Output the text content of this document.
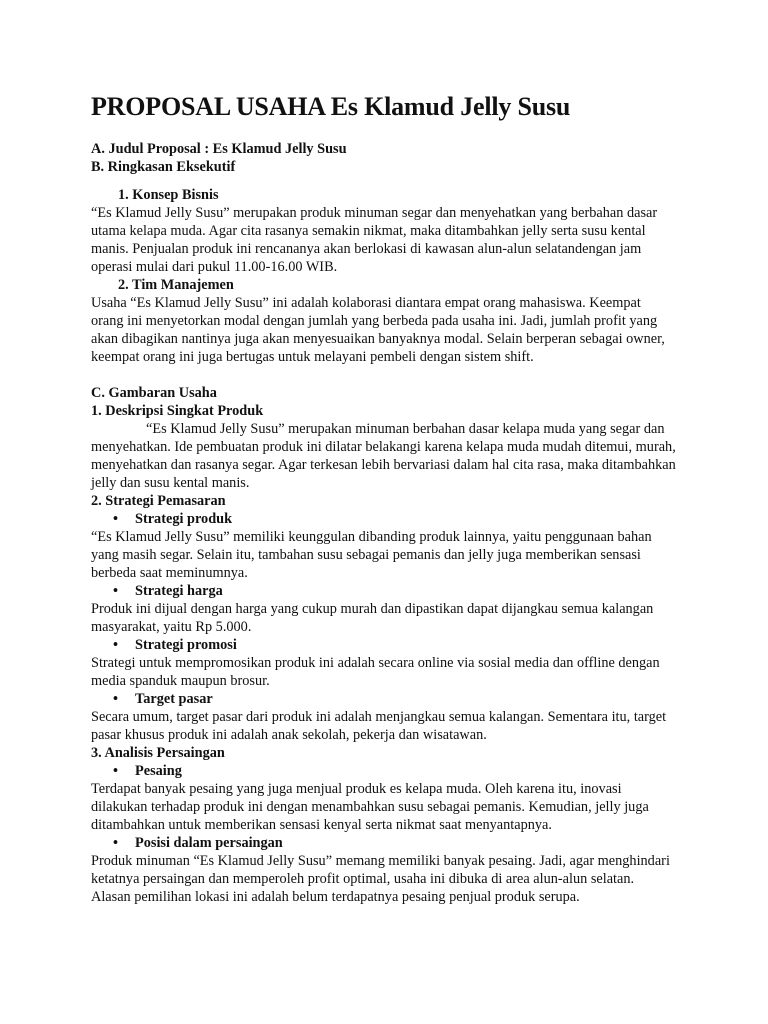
PROPOSAL USAHA Es Klamud Jelly Susu
A. Judul Proposal : Es Klamud Jelly Susu
B. Ringkasan Eksekutif
1. Konsep Bisnis

“Es Klamud Jelly Susu” merupakan produk minuman segar dan menyehatkan yang berbahan dasar utama kelapa muda. Agar cita rasanya semakin nikmat, maka ditambahkan jelly serta susu kental manis. Penjualan produk ini rencananya akan berlokasi di kawasan alun-alun selatandengan jam operasi mulai dari pukul 11.00-16.00 WIB.

2. Tim Manajemen

Usaha “Es Klamud Jelly Susu” ini adalah kolaborasi diantara empat orang mahasiswa. Keempat orang ini menyetorkan modal dengan jumlah yang berbeda pada usaha ini. Jadi, jumlah profit yang akan dibagikan nantinya juga akan menyesuaikan banyaknya modal. Selain berperan sebagai owner, keempat orang ini juga bertugas untuk melayani pembeli dengan sistem shift.

C. Gambaran Usaha
1. Deskripsi Singkat Produk

“Es Klamud Jelly Susu” merupakan minuman berbahan dasar kelapa muda yang segar dan menyehatkan. Ide pembuatan produk ini dilatar belakangi karena kelapa muda mudah ditemui, murah, menyehatkan dan rasanya segar. Agar terkesan lebih bervariasi dalam hal cita rasa, maka ditambahkan jelly dan susu kental manis.

2. Strategi Pemasaran
•	Strategi produk

“Es Klamud Jelly Susu” memiliki keunggulan dibanding produk lainnya, yaitu penggunaan bahan yang masih segar. Selain itu, tambahan susu sebagai pemanis dan jelly juga memberikan sensasi berbeda saat meminumnya.

•	Strategi harga

Produk ini dijual dengan harga yang cukup murah dan dipastikan dapat dijangkau semua kalangan masyarakat, yaitu Rp 5.000.

•	Strategi promosi

Strategi untuk mempromosikan produk ini adalah secara online via sosial media dan offline dengan media spanduk maupun brosur.

•	Target pasar

Secara umum, target pasar dari produk ini adalah menjangkau semua kalangan. Sementara itu, target pasar khusus produk ini adalah anak sekolah, pekerja dan wisatawan.

3. Analisis Persaingan
•	Pesaing

Terdapat banyak pesaing yang juga menjual produk es kelapa muda. Oleh karena itu, inovasi dilakukan terhadap produk ini dengan menambahkan susu sebagai pemanis. Kemudian, jelly juga ditambahkan untuk memberikan sensasi kenyal serta nikmat saat menyantapnya.

•	Posisi dalam persaingan

Produk minuman “Es Klamud Jelly Susu” memang memiliki banyak pesaing. Jadi, agar menghindari ketatnya persaingan dan memperoleh profit optimal, usaha ini dibuka di area alun-alun selatan. Alasan pemilihan lokasi ini adalah belum terdapatnya pesaing penjual produk serupa.
